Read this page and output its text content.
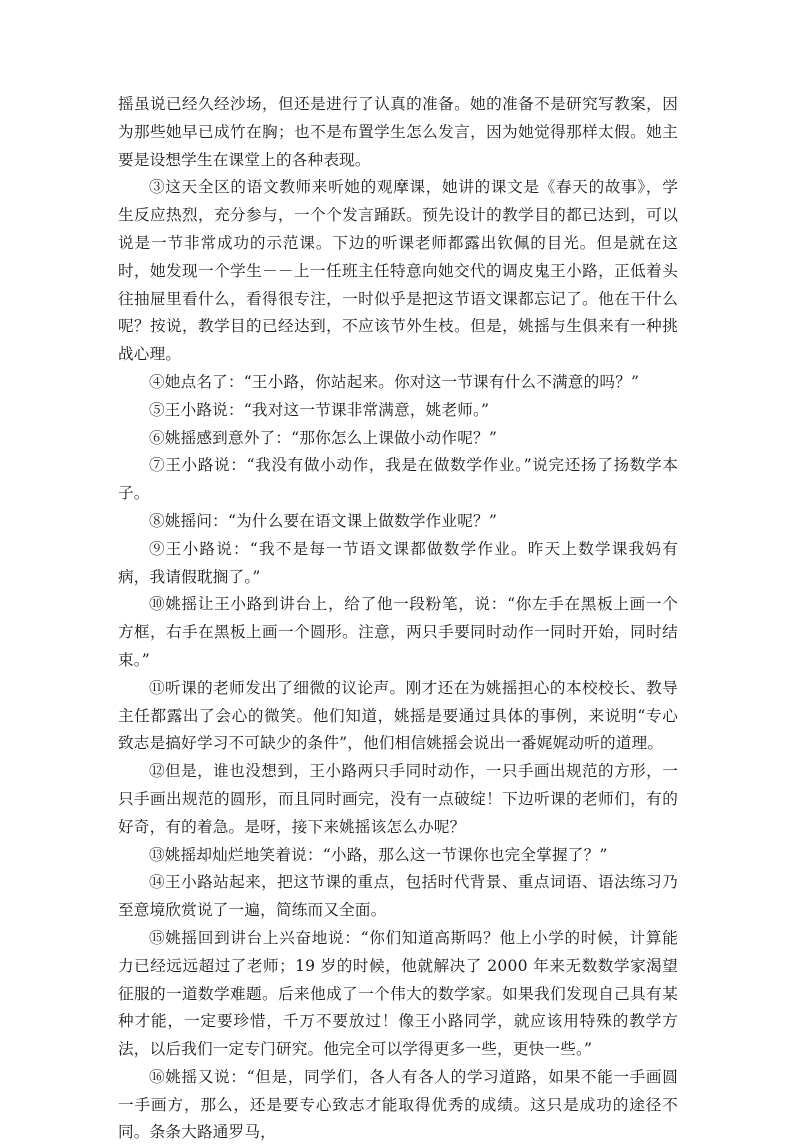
摇虽说已经久经沙场，但还是进行了认真的准备。她的准备不是研究写教案，因为那些她早已成竹在胸；也不是布置学生怎么发言，因为她觉得那样太假。她主要是设想学生在课堂上的各种表现。

③这天全区的语文教师来听她的观摩课，她讲的课文是《春天的故事》，学生反应热烈，充分参与，一个个发言踊跃。预先设计的教学目的都已达到，可以说是一节非常成功的示范课。下边的听课老师都露出钦佩的目光。但是就在这时，她发现一个学生－－上一任班主任特意向她交代的调皮鬼王小路，正低着头往抽屉里看什么，看得很专注，一时似乎是把这节语文课都忘记了。他在干什么呢？按说，教学目的已经达到，不应该节外生枝。但是，姚摇与生俱来有一种挑战心理。

④她点名了：“王小路，你站起来。你对这一节课有什么不满意的吗？”

⑤王小路说：“我对这一节课非常满意，姚老师。”

⑥姚摇感到意外了：“那你怎么上课做小动作呢？”

⑦王小路说：“我没有做小动作，我是在做数学作业。”说完还扬了扬数学本子。

⑧姚摇问：“为什么要在语文课上做数学作业呢？”

⑨王小路说：“我不是每一节语文课都做数学作业。昨天上数学课我妈有病，我请假耽搁了。”

⑩姚摇让王小路到讲台上，给了他一段粉笔，说：“你左手在黑板上画一个方框，右手在黑板上画一个圆形。注意，两只手要同时动作一同时开始，同时结束。”

⑪听课的老师发出了细微的议论声。刚才还在为姚摇担心的本校校长、教导主任都露出了会心的微笑。他们知道，姚摇是要通过具体的事例，来说明“专心致志是搞好学习不可缺少的条件”，他们相信姚摇会说出一番娓娓动听的道理。

⑫但是，谁也没想到，王小路两只手同时动作，一只手画出规范的方形，一只手画出规范的圆形，而且同时画完，没有一点破绽！下边听课的老师们，有的好奇，有的着急。是呀，接下来姚摇该怎么办呢？

⑬姚摇却灿烂地笑着说：“小路，那么这一节课你也完全掌握了？”

⑭王小路站起来，把这节课的重点，包括时代背景、重点词语、语法练习乃至意境欣赏说了一遍，简练而又全面。

⑮姚摇回到讲台上兴奋地说：“你们知道高斯吗？他上小学的时候，计算能力已经远远超过了老师；19 岁的时候，他就解决了 2000 年来无数数学家渴望征服的一道数学难题。后来他成了一个伟大的数学家。如果我们发现自己具有某种才能，一定要珍惜，千万不要放过！像王小路同学，就应该用特殊的教学方法，以后我们一定专门研究。他完全可以学得更多一些，更快一些。”

⑯姚摇又说：“但是，同学们，各人有各人的学习道路，如果不能一手画圆一手画方，那么，还是要专心致志才能取得优秀的成绩。这只是成功的途径不同。条条大路通罗马，
